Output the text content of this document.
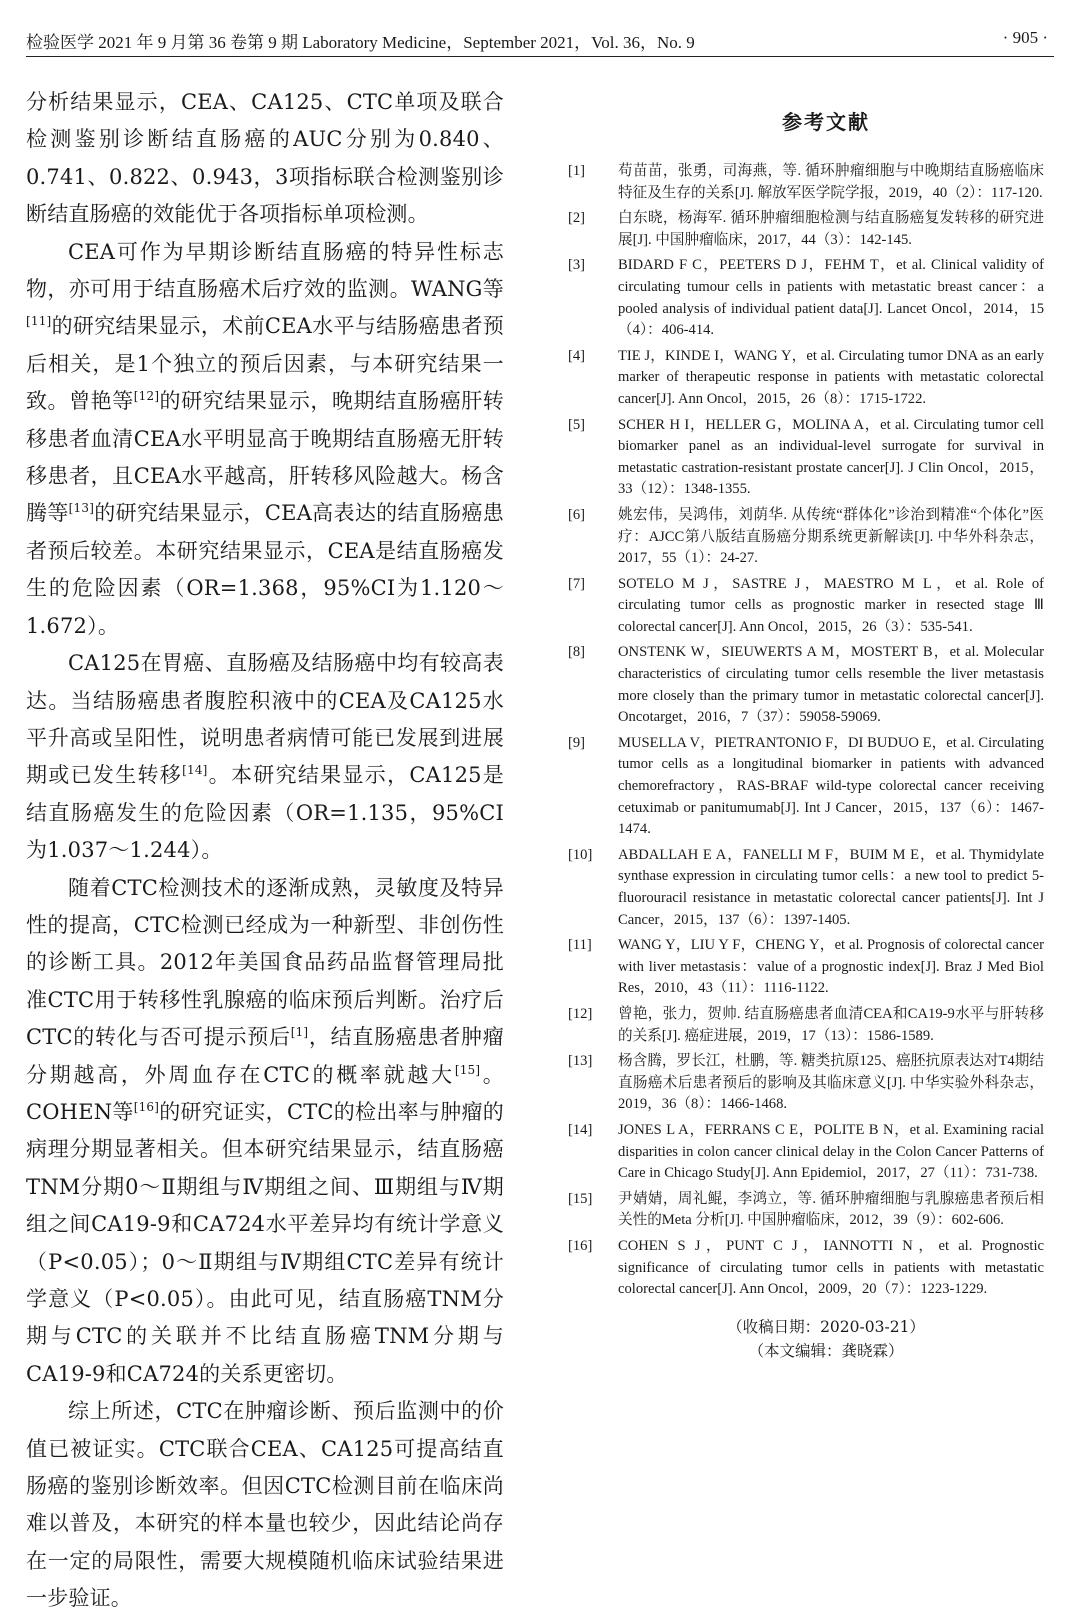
检验医学 2021 年 9 月第 36 卷第 9 期 Laboratory Medicine，September 2021，Vol. 36，No. 9	· 905 ·

分析结果显示，CEA、CA125、CTC单项及联合检测鉴别诊断结直肠癌的AUC分别为0.840、0.741、0.822、0.943，3项指标联合检测鉴别诊断结直肠癌的效能优于各项指标单项检测。

CEA可作为早期诊断结直肠癌的特异性标志物，亦可用于结直肠癌术后疗效的监测。WANG等[11]的研究结果显示，术前CEA水平与结肠癌患者预后相关，是1个独立的预后因素，与本研究结果一致。曾艳等[12]的研究结果显示，晚期结直肠癌肝转移患者血清CEA水平明显高于晚期结直肠癌无肝转移患者，且CEA水平越高，肝转移风险越大。杨含腾等[13]的研究结果显示，CEA高表达的结直肠癌患者预后较差。本研究结果显示，CEA是结直肠癌发生的危险因素（OR=1.368，95%CI为1.120～1.672）。

CA125在胃癌、直肠癌及结肠癌中均有较高表达。当结肠癌患者腹腔积液中的CEA及CA125水平升高或呈阳性，说明患者病情可能已发展到进展期或已发生转移[14]。本研究结果显示，CA125是结直肠癌发生的危险因素（OR=1.135，95%CI为1.037～1.244）。

随着CTC检测技术的逐渐成熟，灵敏度及特异性的提高，CTC检测已经成为一种新型、非创伤性的诊断工具。2012年美国食品药品监督管理局批准CTC用于转移性乳腺癌的临床预后判断。治疗后CTC的转化与否可提示预后[1]，结直肠癌患者肿瘤分期越高，外周血存在CTC的概率就越大[15]。COHEN等[16]的研究证实，CTC的检出率与肿瘤的病理分期显著相关。但本研究结果显示，结直肠癌TNM分期0～Ⅱ期组与Ⅳ期组之间、Ⅲ期组与Ⅳ期组之间CA19-9和CA724水平差异均有统计学意义（P<0.05）；0～Ⅱ期组与Ⅳ期组CTC差异有统计学意义（P<0.05）。由此可见，结直肠癌TNM分期与CTC的关联并不比结直肠癌TNM分期与CA19-9和CA724的关系更密切。

综上所述，CTC在肿瘤诊断、预后监测中的价值已被证实。CTC联合CEA、CA125可提高结直肠癌的鉴别诊断效率。但因CTC检测目前在临床尚难以普及，本研究的样本量也较少，因此结论尚存在一定的局限性，需要大规模随机临床试验结果进一步验证。

参考文献
[1] 苟苗苗，张勇，司海燕，等. 循环肿瘤细胞与中晚期结直肠癌临床特征及生存的关系[J]. 解放军医学院学报，2019，40（2）：117-120.
[2] 白东晓，杨海军. 循环肿瘤细胞检测与结直肠癌复发转移的研究进展[J]. 中国肿瘤临床，2017，44（3）：142-145.
[3] BIDARD F C，PEETERS D J，FEHM T，et al. Clinical validity of circulating tumour cells in patients with metastatic breast cancer：a pooled analysis of individual patient data[J]. Lancet Oncol，2014，15（4）：406-414.
[4] TIE J，KINDE I，WANG Y，et al. Circulating tumor DNA as an early marker of therapeutic response in patients with metastatic colorectal cancer[J]. Ann Oncol，2015，26（8）：1715-1722.
[5] SCHER H I，HELLER G，MOLINA A，et al. Circulating tumor cell biomarker panel as an individual-level surrogate for survival in metastatic castration-resistant prostate cancer[J]. J Clin Oncol，2015，33（12）：1348-1355.
[6] 姚宏伟，吴鸿伟，刘荫华. 从传统“群体化”诊治到精准“个体化”医疗：AJCC第八版结直肠癌分期系统更新解读[J]. 中华外科杂志，2017，55（1）：24-27.
[7] SOTELO M J，SASTRE J，MAESTRO M L，et al. Role of circulating tumor cells as prognostic marker in resected stage Ⅲ colorectal cancer[J]. Ann Oncol，2015，26（3）：535-541.
[8] ONSTENK W，SIEUWERTS A M，MOSTERT B，et al. Molecular characteristics of circulating tumor cells resemble the liver metastasis more closely than the primary tumor in metastatic colorectal cancer[J]. Oncotarget，2016，7（37）：59058-59069.
[9] MUSELLA V，PIETRANTONIO F，DI BUDUO E，et al. Circulating tumor cells as a longitudinal biomarker in patients with advanced chemorefractory，RAS-BRAF wild-type colorectal cancer receiving cetuximab or panitumumab[J]. Int J Cancer，2015，137（6）：1467-1474.
[10] ABDALLAH E A，FANELLI M F，BUIM M E，et al. Thymidylate synthase expression in circulating tumor cells：a new tool to predict 5-fluorouracil resistance in metastatic colorectal cancer patients[J]. Int J Cancer，2015，137（6）：1397-1405.
[11] WANG Y，LIU Y F，CHENG Y，et al. Prognosis of colorectal cancer with liver metastasis：value of a prognostic index[J]. Braz J Med Biol Res，2010，43（11）：1116-1122.
[12] 曾艳，张力，贺帅. 结直肠癌患者血清CEA和CA19-9水平与肝转移的关系[J]. 癌症进展，2019，17（13）：1586-1589.
[13] 杨含腾，罗长江，杜鹏，等. 糖类抗原125、癌胚抗原表达对T4期结直肠癌术后患者预后的影响及其临床意义[J]. 中华实验外科杂志，2019，36（8）：1466-1468.
[14] JONES L A，FERRANS C E，POLITE B N，et al. Examining racial disparities in colon cancer clinical delay in the Colon Cancer Patterns of Care in Chicago Study[J]. Ann Epidemiol，2017，27（11）：731-738.
[15] 尹婧婧，周礼鲲，李鸿立，等. 循环肿瘤细胞与乳腺癌患者预后相关性的Meta 分析[J]. 中国肿瘤临床，2012，39（9）：602-606.
[16] COHEN S J，PUNT C J，IANNOTTI N，et al. Prognostic significance of circulating tumor cells in patients with metastatic colorectal cancer[J]. Ann Oncol，2009，20（7）：1223-1229.
（收稿日期：2020-03-21）
（本文编辑：龚晓霖）
